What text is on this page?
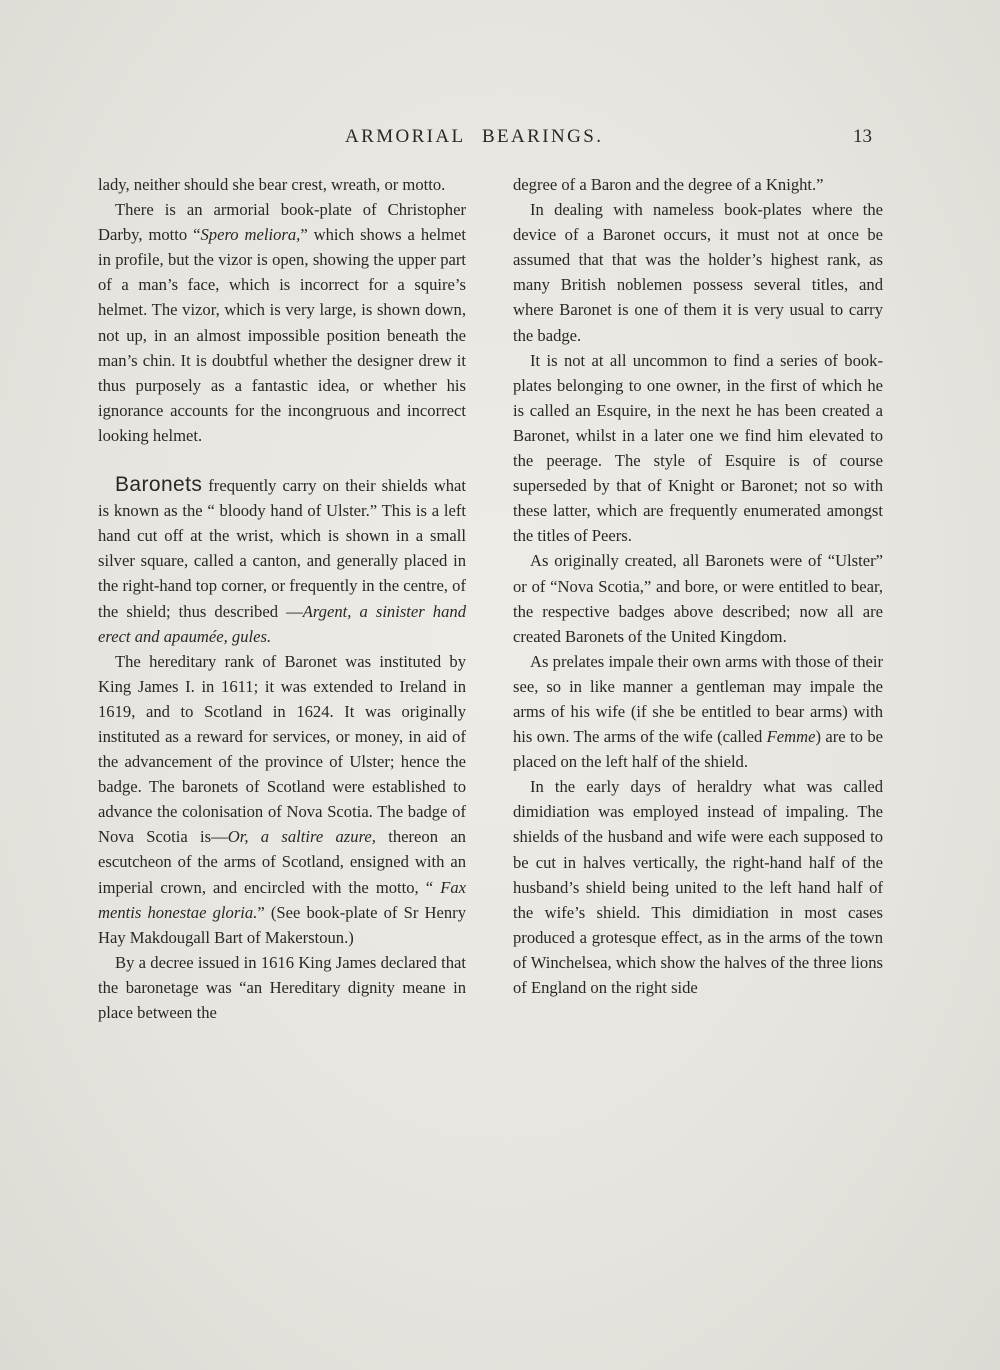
ARMORIAL BEARINGS.	13

lady, neither should she bear crest, wreath, or motto.

There is an armorial book-plate of Christopher Darby, motto “Spero meliora,” which shows a helmet in profile, but the vizor is open, showing the upper part of a man’s face, which is incorrect for a squire’s helmet. The vizor, which is very large, is shown down, not up, in an almost impossible position beneath the man’s chin. It is doubtful whether the designer drew it thus purposely as a fantastic idea, or whether his ignorance accounts for the incongruous and incorrect looking helmet.

Baronets frequently carry on their shields what is known as the “ bloody hand of Ulster.” This is a left hand cut off at the wrist, which is shown in a small silver square, called a canton, and generally placed in the right-hand top corner, or frequently in the centre, of the shield; thus described —Argent, a sinister hand erect and apaumée, gules.

The hereditary rank of Baronet was instituted by King James I. in 1611; it was extended to Ireland in 1619, and to Scotland in 1624. It was originally instituted as a reward for services, or money, in aid of the advancement of the province of Ulster; hence the badge. The baronets of Scotland were established to advance the colonisation of Nova Scotia. The badge of Nova Scotia is—Or, a saltire azure, thereon an escutcheon of the arms of Scotland, ensigned with an imperial crown, and encircled with the motto, “ Fax mentis honestae gloria.” (See book-plate of Sr Henry Hay Makdougall Bart of Makerstoun.)

By a decree issued in 1616 King James declared that the baronetage was “an Hereditary dignity meane in place between the

degree of a Baron and the degree of a Knight.”

In dealing with nameless book-plates where the device of a Baronet occurs, it must not at once be assumed that that was the holder’s highest rank, as many British noblemen possess several titles, and where Baronet is one of them it is very usual to carry the badge.

It is not at all uncommon to find a series of book-plates belonging to one owner, in the first of which he is called an Esquire, in the next he has been created a Baronet, whilst in a later one we find him elevated to the peerage. The style of Esquire is of course superseded by that of Knight or Baronet; not so with these latter, which are frequently enumerated amongst the titles of Peers.

As originally created, all Baronets were of “Ulster” or of “Nova Scotia,” and bore, or were entitled to bear, the respective badges above described; now all are created Baronets of the United Kingdom.

As prelates impale their own arms with those of their see, so in like manner a gentleman may impale the arms of his wife (if she be entitled to bear arms) with his own. The arms of the wife (called Femme) are to be placed on the left half of the shield.

In the early days of heraldry what was called dimidiation was employed instead of impaling. The shields of the husband and wife were each supposed to be cut in halves vertically, the right-hand half of the husband’s shield being united to the left hand half of the wife’s shield. This dimidiation in most cases produced a grotesque effect, as in the arms of the town of Winchelsea, which show the halves of the three lions of England on the right side
